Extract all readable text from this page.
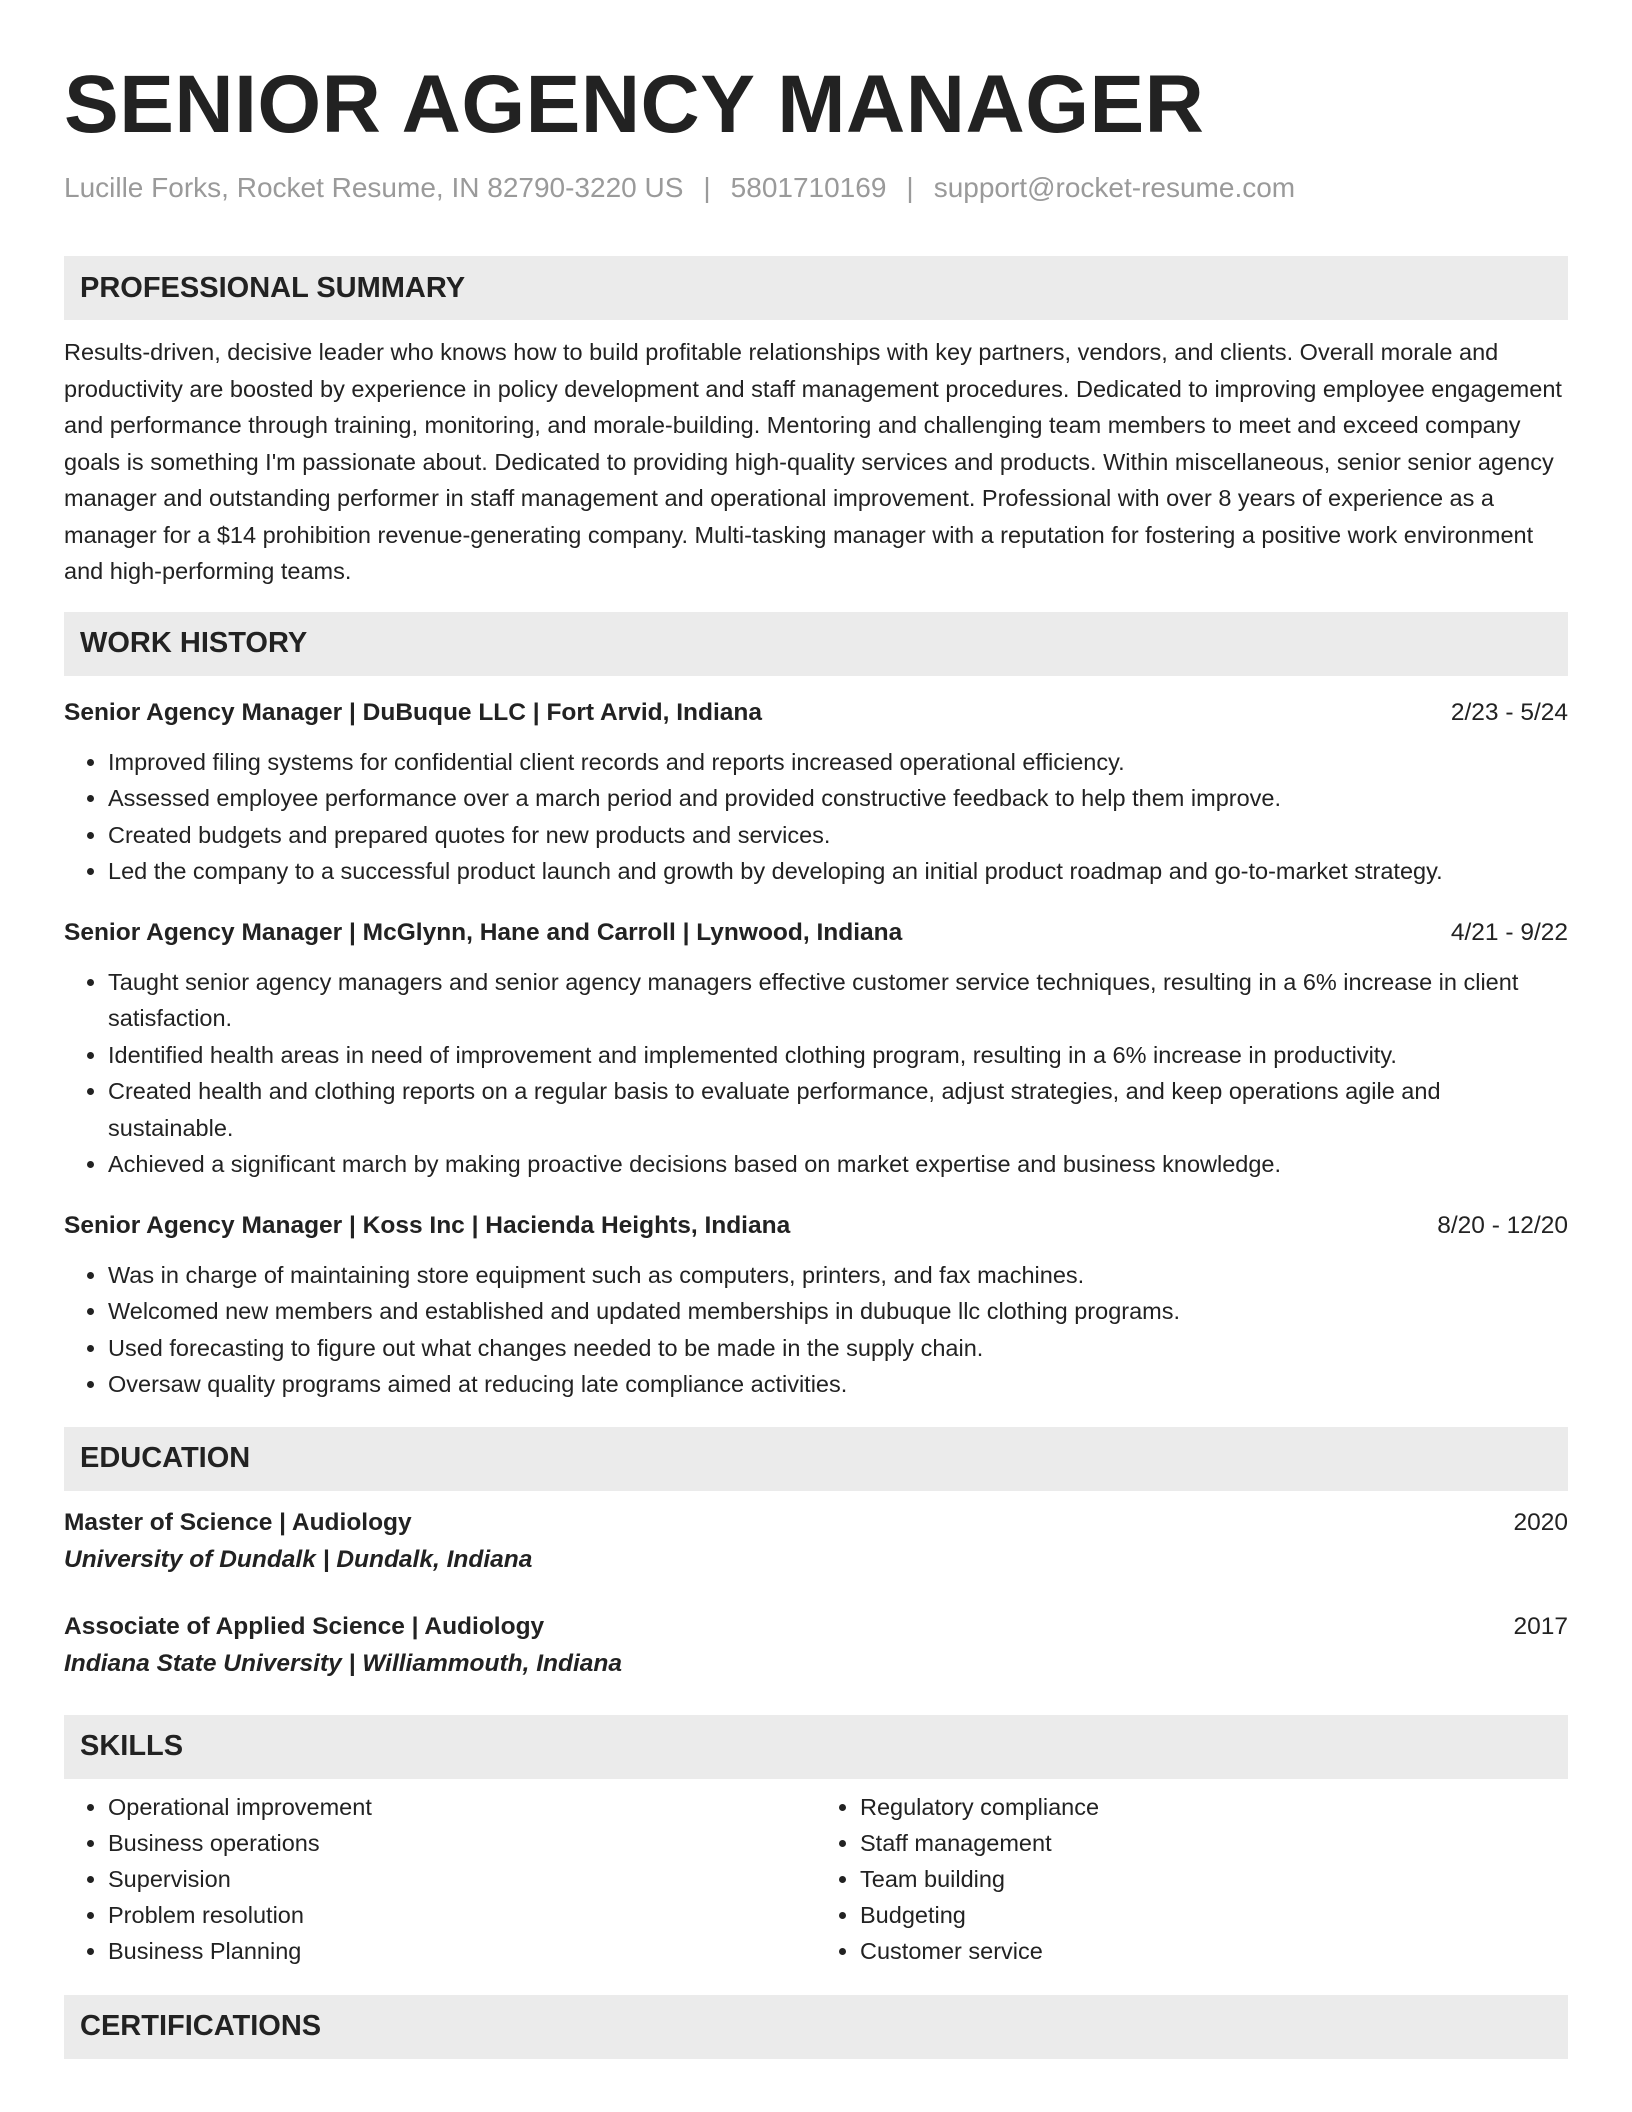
SENIOR AGENCY MANAGER
Lucille Forks, Rocket Resume, IN 82790-3220 US | 5801710169 | support@rocket-resume.com
PROFESSIONAL SUMMARY

Results-driven, decisive leader who knows how to build profitable relationships with key partners, vendors, and clients. Overall morale and productivity are boosted by experience in policy development and staff management procedures. Dedicated to improving employee engagement and performance through training, monitoring, and morale-building. Mentoring and challenging team members to meet and exceed company goals is something I'm passionate about. Dedicated to providing high-quality services and products. Within miscellaneous, senior senior agency manager and outstanding performer in staff management and operational improvement. Professional with over 8 years of experience as a manager for a $14 prohibition revenue-generating company. Multi-tasking manager with a reputation for fostering a positive work environment and high-performing teams.

WORK HISTORY
Senior Agency Manager | DuBuque LLC | Fort Arvid, Indiana	2/23 - 5/24
• Improved filing systems for confidential client records and reports increased operational efficiency.
• Assessed employee performance over a march period and provided constructive feedback to help them improve.
• Created budgets and prepared quotes for new products and services.
• Led the company to a successful product launch and growth by developing an initial product roadmap and go-to-market strategy.
Senior Agency Manager | McGlynn, Hane and Carroll | Lynwood, Indiana	4/21 - 9/22
• Taught senior agency managers and senior agency managers effective customer service techniques, resulting in a 6% increase in client satisfaction.
• Identified health areas in need of improvement and implemented clothing program, resulting in a 6% increase in productivity.
• Created health and clothing reports on a regular basis to evaluate performance, adjust strategies, and keep operations agile and sustainable.
• Achieved a significant march by making proactive decisions based on market expertise and business knowledge.
Senior Agency Manager | Koss Inc | Hacienda Heights, Indiana	8/20 - 12/20
• Was in charge of maintaining store equipment such as computers, printers, and fax machines.
• Welcomed new members and established and updated memberships in dubuque llc clothing programs.
• Used forecasting to figure out what changes needed to be made in the supply chain.
• Oversaw quality programs aimed at reducing late compliance activities.
EDUCATION
Master of Science | Audiology	2020
University of Dundalk | Dundalk, Indiana
Associate of Applied Science | Audiology	2017
Indiana State University | Williammouth, Indiana
SKILLS
• Operational improvement
• Business operations
• Supervision
• Problem resolution
• Business Planning
• Regulatory compliance
• Staff management
• Team building
• Budgeting
• Customer service
CERTIFICATIONS
